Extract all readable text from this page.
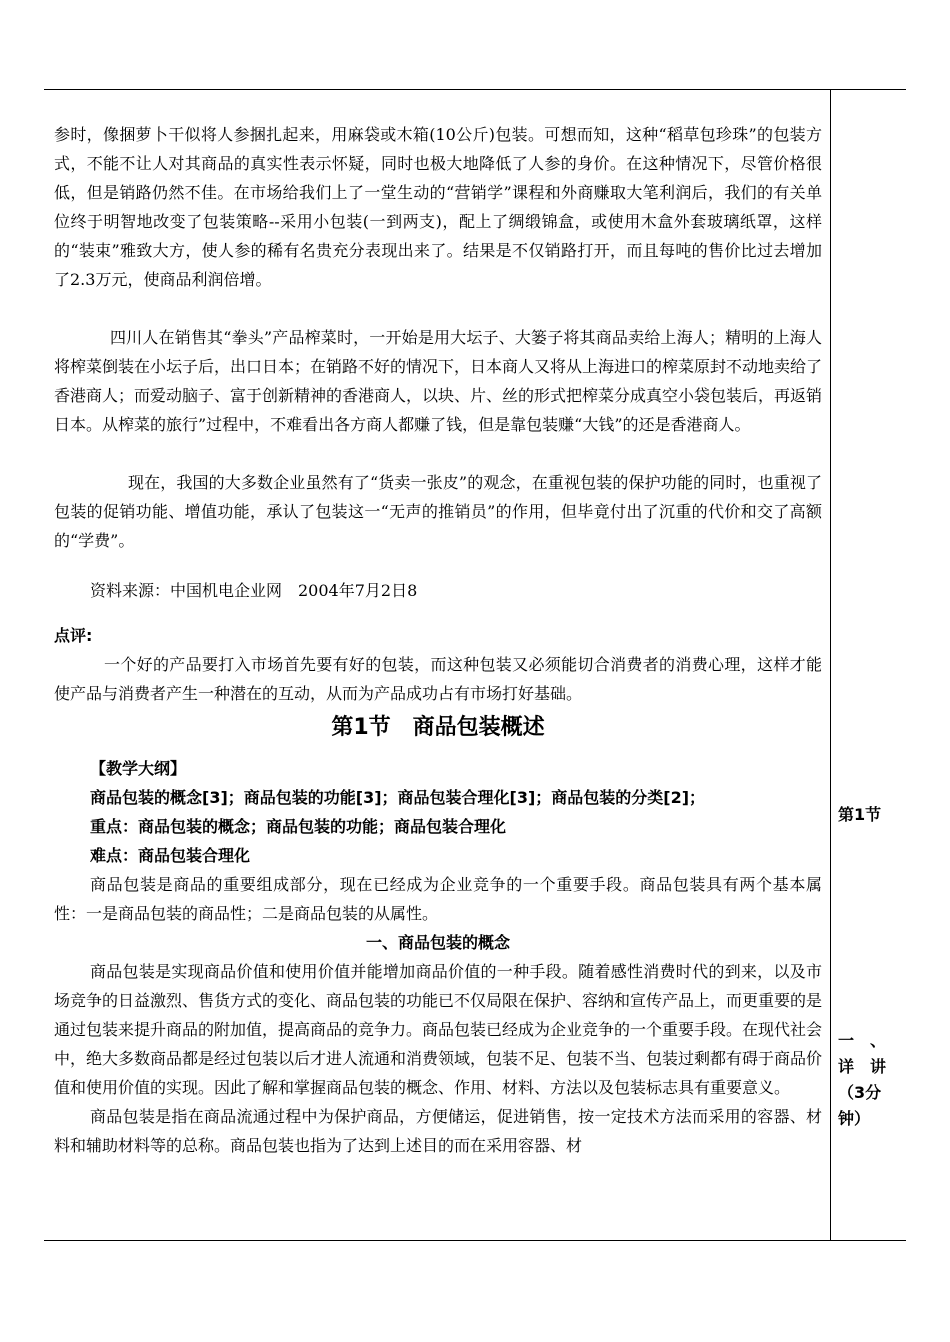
参时，像捆萝卜干似将人参捆扎起来，用麻袋或木箱(10公斤)包装。可想而知，这种“稻草包珍珠”的包装方式，不能不让人对其商品的真实性表示怀疑，同时也极大地降低了人参的身价。在这种情况下，尽管价格很低，但是销路仍然不佳。在市场给我们上了一堂生动的“营销学”课程和外商赚取大笔利润后，我们的有关单位终于明智地改变了包装策略--采用小包装(一到两支)，配上了绸缎锦盒，或使用木盒外套玻璃纸罩，这样的“装束”雅致大方，使人参的稀有名贵充分表现出来了。结果是不仅销路打开，而且每吨的售价比过去增加了2.3万元，使商品利润倍增。

四川人在销售其“拳头”产品榨菜时，一开始是用大坛子、大篓子将其商品卖给上海人；精明的上海人将榨菜倒装在小坛子后，出口日本；在销路不好的情况下，日本商人又将从上海进口的榨菜原封不动地卖给了香港商人；而爱动脑子、富于创新精神的香港商人，以块、片、丝的形式把榨菜分成真空小袋包装后，再返销日本。从榨菜的旅行”过程中，不难看出各方商人都赚了钱，但是靠包装赚“大钱”的还是香港商人。

现在，我国的大多数企业虽然有了“货卖一张皮”的观念，在重视包装的保护功能的同时，也重视了包装的促销功能、增值功能，承认了包装这一“无声的推销员”的作用，但毕竟付出了沉重的代价和交了高额的“学费”。

资料来源：中国机电企业网　2004年7月2日8

点评:

一个好的产品要打入市场首先要有好的包装，而这种包装又必须能切合消费者的消费心理，这样才能使产品与消费者产生一种潜在的互动，从而为产品成功占有市场打好基础。

第1节　商品包装概述

【教学大纲】

商品包装的概念[3]；商品包装的功能[3]；商品包装合理化[3]；商品包装的分类[2]；

重点：商品包装的概念；商品包装的功能；商品包装合理化

难点：商品包装合理化

商品包装是商品的重要组成部分，现在已经成为企业竞争的一个重要手段。商品包装具有两个基本属性：一是商品包装的商品性；二是商品包装的从属性。

一、商品包装的概念

商品包装是实现商品价值和使用价值并能增加商品价值的一种手段。随着感性消费时代的到来，以及市场竞争的日益激烈、售货方式的变化、商品包装的功能已不仅局限在保护、容纳和宣传产品上，而更重要的是通过包装来提升商品的附加值，提高商品的竞争力。商品包装已经成为企业竞争的一个重要手段。在现代社会中，绝大多数商品都是经过包装以后才进人流通和消费领域，包装不足、包装不当、包装过剩都有碍于商品价值和使用价值的实现。因此了解和掌握商品包装的概念、作用、材料、方法以及包装标志具有重要意义。

商品包装是指在商品流通过程中为保护商品，方便储运，促进销售，按一定技术方法而采用的容器、材料和辅助材料等的总称。商品包装也指为了达到上述目的而在采用容器、材

第1节
一　、
详　讲
（3分
钟）
